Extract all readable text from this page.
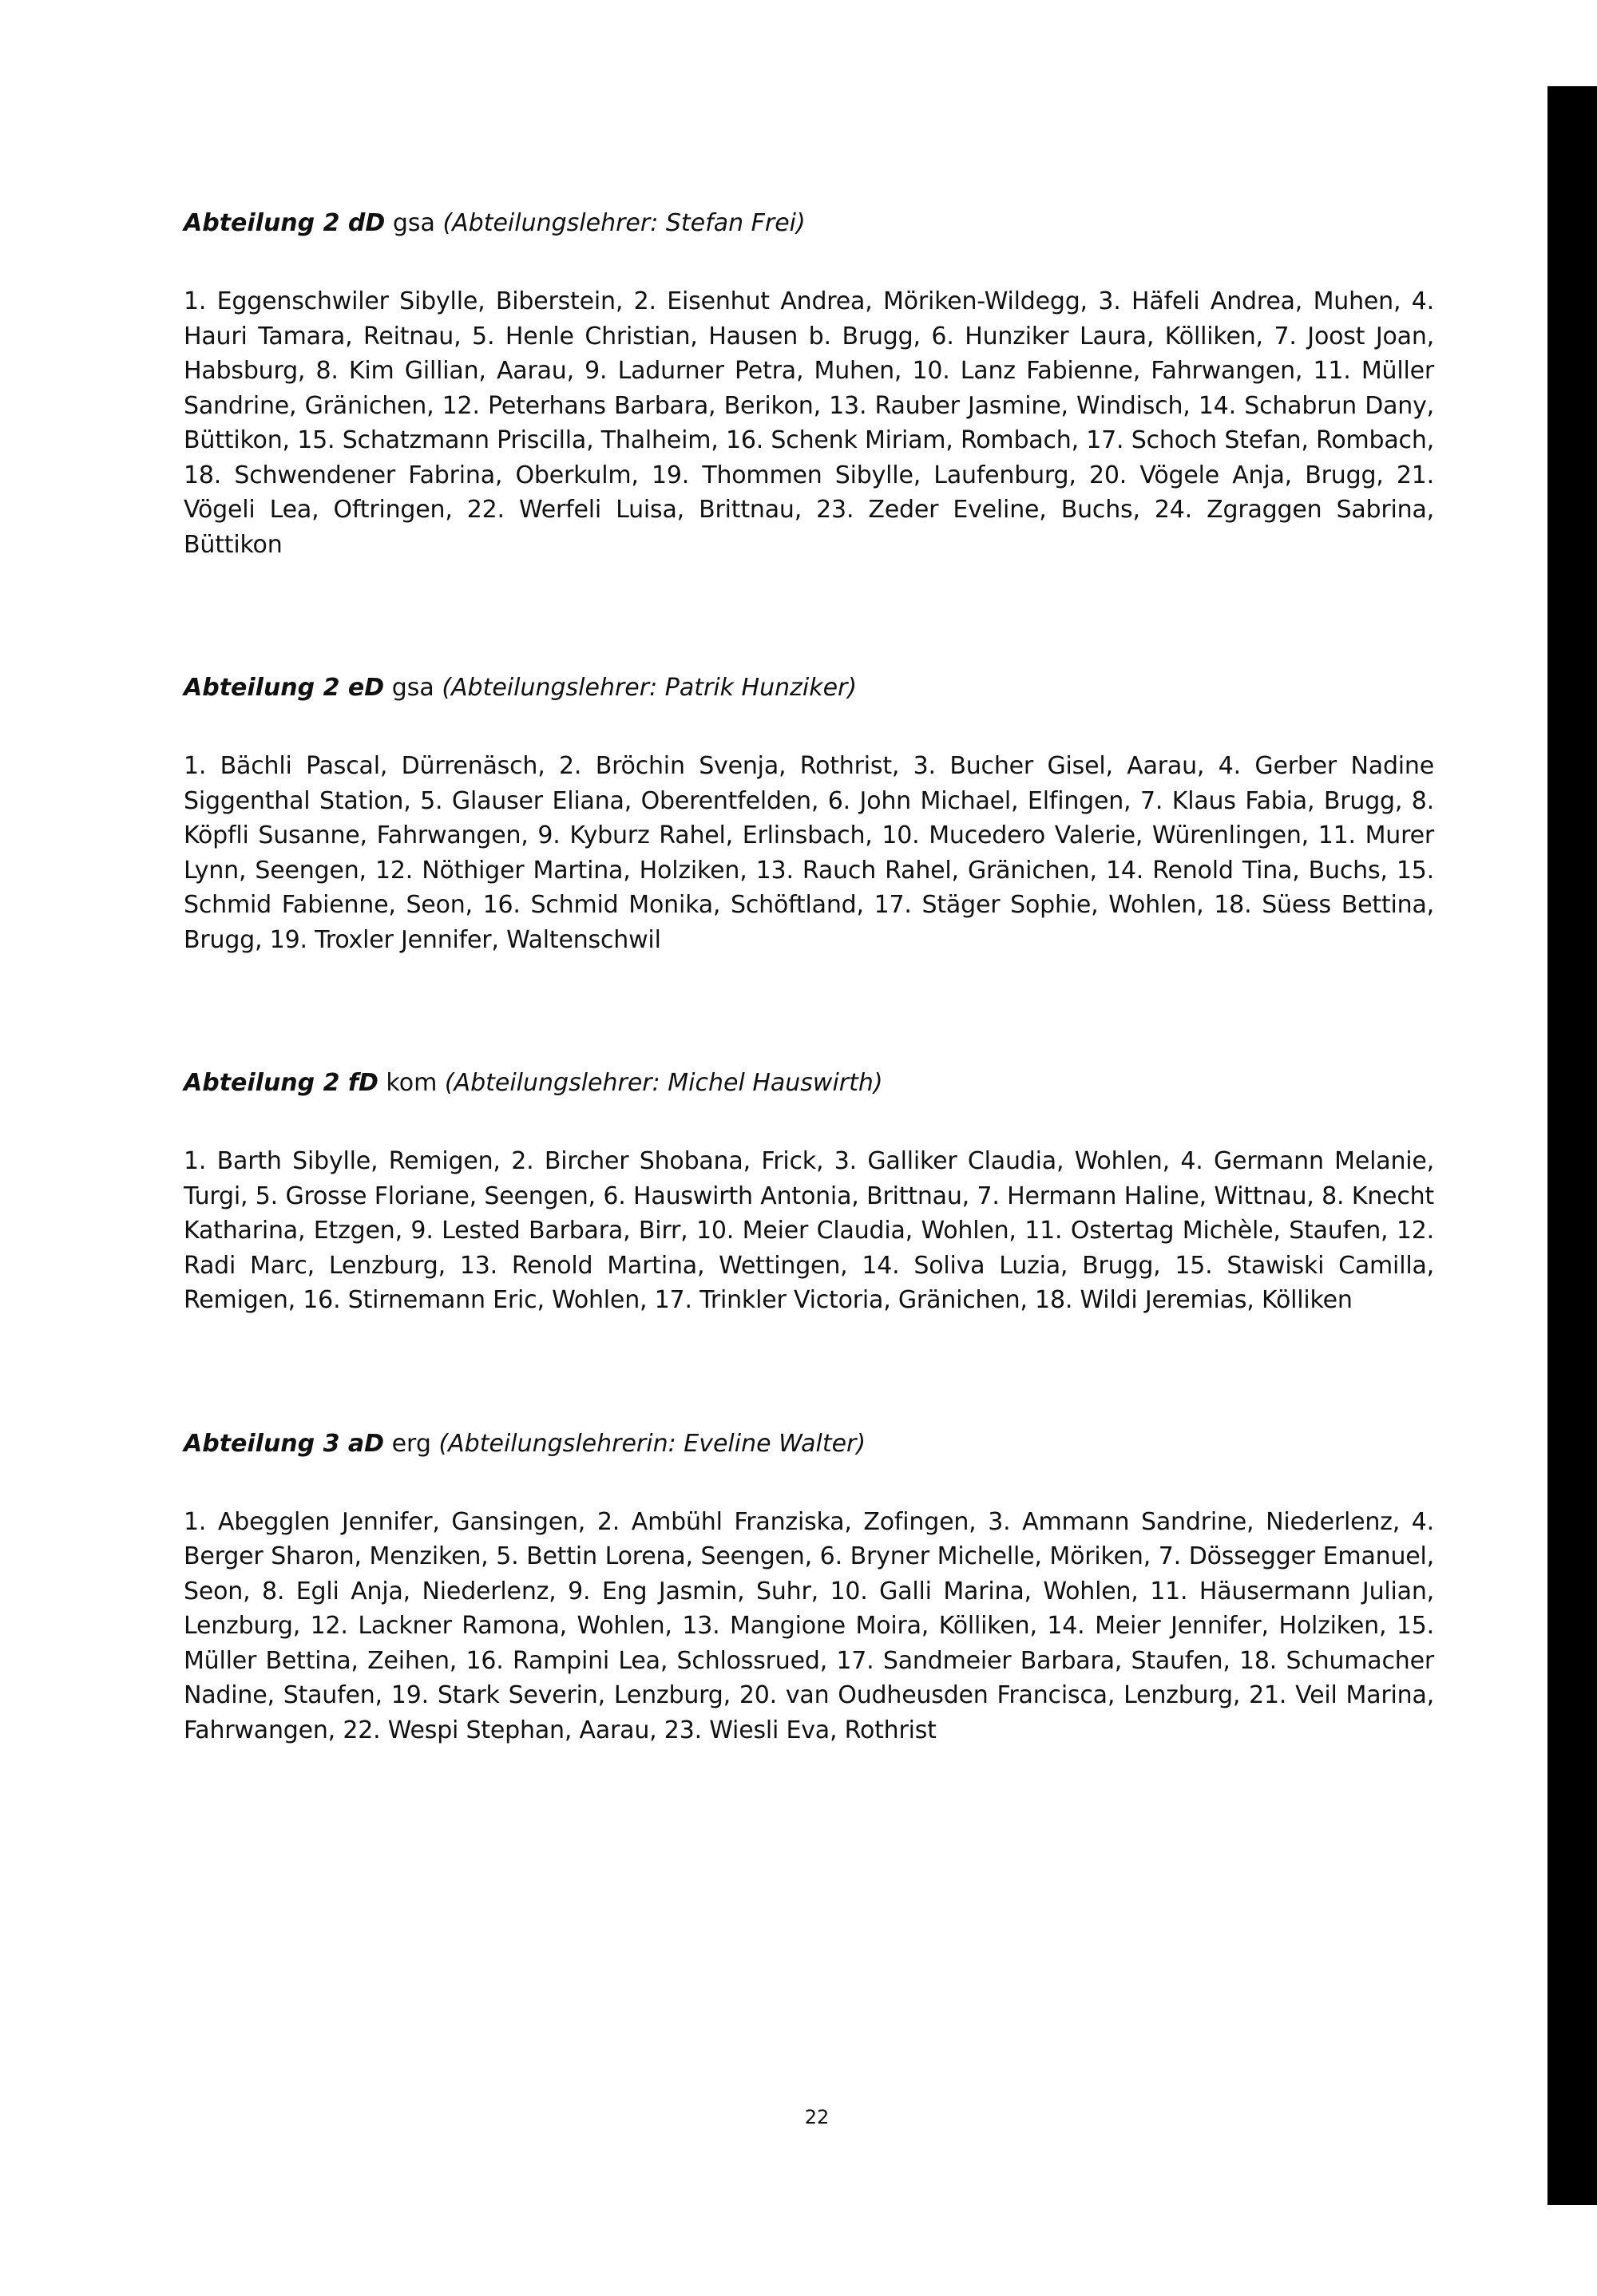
Abteilung 2 dD gsa (Abteilungslehrer: Stefan Frei)
1. Eggenschwiler Sibylle, Biberstein, 2. Eisenhut Andrea, Möriken-Wildegg, 3. Häfeli Andrea, Muhen, 4. Hauri Tamara, Reitnau, 5. Henle Christian, Hausen b. Brugg, 6. Hunziker Laura, Kölliken, 7. Joost Joan, Habsburg, 8. Kim Gillian, Aarau, 9. Ladurner Petra, Muhen, 10. Lanz Fabienne, Fahrwangen, 11. Müller Sandrine, Gränichen, 12. Peterhans Barbara, Berikon, 13. Rauber Jasmine, Windisch, 14. Schabrun Dany, Büttikon, 15. Schatzmann Priscilla, Thalheim, 16. Schenk Miriam, Rombach, 17. Schoch Stefan, Rombach, 18. Schwendener Fabrina, Oberkulm, 19. Thommen Sibylle, Laufenburg, 20. Vögele Anja, Brugg, 21. Vögeli Lea, Oftringen, 22. Werfeli Luisa, Brittnau, 23. Zeder Eveline, Buchs, 24. Zgraggen Sabrina, Büttikon
Abteilung 2 eD gsa (Abteilungslehrer: Patrik Hunziker)
1. Bächli Pascal, Dürrenäsch, 2. Bröchin Svenja, Rothrist, 3. Bucher Gisel, Aarau, 4. Gerber Nadine Siggenthal Station, 5. Glauser Eliana, Oberentfelden, 6. John Michael, Elfingen, 7. Klaus Fabia, Brugg, 8. Köpfli Susanne, Fahrwangen, 9. Kyburz Rahel, Erlinsbach, 10. Mucedero Valerie, Würenlingen, 11. Murer Lynn, Seengen, 12. Nöthiger Martina, Holziken, 13. Rauch Rahel, Gränichen, 14. Renold Tina, Buchs, 15. Schmid Fabienne, Seon, 16. Schmid Monika, Schöftland, 17. Stäger Sophie, Wohlen, 18. Süess Bettina, Brugg, 19. Troxler Jennifer, Waltenschwil
Abteilung 2 fD kom (Abteilungslehrer: Michel Hauswirth)
1. Barth Sibylle, Remigen, 2. Bircher Shobana, Frick, 3. Galliker Claudia, Wohlen, 4. Germann Melanie, Turgi, 5. Grosse Floriane, Seengen, 6. Hauswirth Antonia, Brittnau, 7. Hermann Haline, Wittnau, 8. Knecht Katharina, Etzgen, 9. Lested Barbara, Birr, 10. Meier Claudia, Wohlen, 11. Ostertag Michèle, Staufen, 12. Radi Marc, Lenzburg, 13. Renold Martina, Wettingen, 14. Soliva Luzia, Brugg, 15. Stawiski Camilla, Remigen, 16. Stirnemann Eric, Wohlen, 17. Trinkler Victoria, Gränichen, 18. Wildi Jeremias, Kölliken
Abteilung 3 aD erg (Abteilungslehrerin: Eveline Walter)
1. Abegglen Jennifer, Gansingen, 2. Ambühl Franziska, Zofingen, 3. Ammann Sandrine, Niederlenz, 4. Berger Sharon, Menziken, 5. Bettin Lorena, Seengen, 6. Bryner Michelle, Möriken, 7. Dössegger Emanuel, Seon, 8. Egli Anja, Niederlenz, 9. Eng Jasmin, Suhr, 10. Galli Marina, Wohlen, 11. Häusermann Julian, Lenzburg, 12. Lackner Ramona, Wohlen, 13. Mangione Moira, Kölliken, 14. Meier Jennifer, Holziken, 15. Müller Bettina, Zeihen, 16. Rampini Lea, Schlossrued, 17. Sandmeier Barbara, Staufen, 18. Schumacher Nadine, Staufen, 19. Stark Severin, Lenzburg, 20. van Oudheusden Francisca, Lenzburg, 21. Veil Marina, Fahrwangen, 22. Wespi Stephan, Aarau, 23. Wiesli Eva, Rothrist
22
